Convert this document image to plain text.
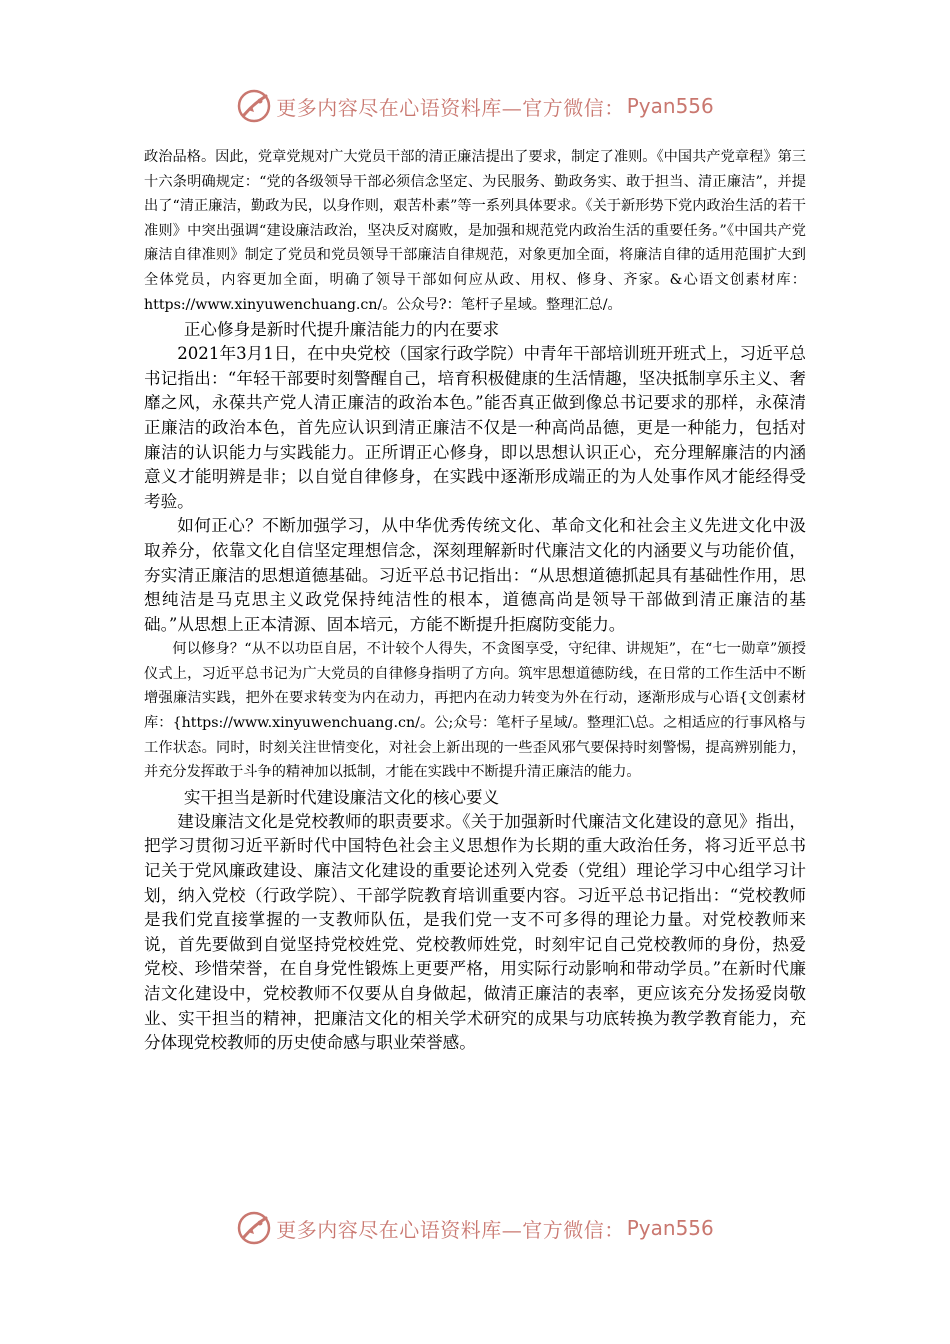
更多内容尽在心语资料库—官方微信： Pyan556

政治品格。因此，党章党规对广大党员干部的清正廉洁提出了要求，制定了准则。《中国共产党章程》第三十六条明确规定：“党的各级领导干部必须信念坚定、为民服务、勤政务实、敢于担当、清正廉洁”，并提出了“清正廉洁，勤政为民，以身作则，艰苦朴素”等一系列具体要求。《关于新形势下党内政治生活的若干准则》中突出强调“建设廉洁政治，坚决反对腐败，是加强和规范党内政治生活的重要任务。”《中国共产党廉洁自律准则》制定了党员和党员领导干部廉洁自律规范，对象更加全面，将廉洁自律的适用范围扩大到全体党员，内容更加全面，明确了领导干部如何应从政、用权、修身、齐家。&心语文创素材库：https://www.xinyuwenchuang.cn/。公众号?：笔杆子星域。整理汇总/。

正心修身是新时代提升廉洁能力的内在要求

2021年3月1日，在中央党校（国家行政学院）中青年干部培训班开班式上，习近平总书记指出：“年轻干部要时刻警醒自己，培育积极健康的生活情趣，坚决抵制享乐主义、奢靡之风，永葆共产党人清正廉洁的政治本色。”能否真正做到像总书记要求的那样，永葆清正廉洁的政治本色，首先应认识到清正廉洁不仅是一种高尚品德，更是一种能力，包括对廉洁的认识能力与实践能力。正所谓正心修身，即以思想认识正心，充分理解廉洁的内涵意义才能明辨是非；以自觉自律修身，在实践中逐渐形成端正的为人处事作风才能经得受考验。

如何正心？不断加强学习，从中华优秀传统文化、革命文化和社会主义先进文化中汲取养分，依靠文化自信坚定理想信念，深刻理解新时代廉洁文化的内涵要义与功能价值，夯实清正廉洁的思想道德基础。习近平总书记指出：“从思想道德抓起具有基础性作用，思想纯洁是马克思主义政党保持纯洁性的根本，道德高尚是领导干部做到清正廉洁的基础。”从思想上正本清源、固本培元，方能不断提升拒腐防变能力。

何以修身？“从不以功臣自居，不计较个人得失，不贪图享受，守纪律、讲规矩”，在“七一勋章”颁授仪式上，习近平总书记为广大党员的自律修身指明了方向。筑牢思想道德防线，在日常的工作生活中不断增强廉洁实践，把外在要求转变为内在动力，再把内在动力转变为外在行动，逐渐形成与心语{文创素材库：{https://www.xinyuwenchuang.cn/。公;众号：笔杆子星域/。整理汇\总。之相适应的行事风格与工作状态。同时，时刻关注世情变化，对社会上新出现的一些歪风邪气要保持时刻警惕，提高辨别能力，并充分发挥敢于斗争的精神加以抵制，才能在实践中不断提升清正廉洁的能力。

实干担当是新时代建设廉洁文化的核心要义

建设廉洁文化是党校教师的职责要求。《关于加强新时代廉洁文化建设的意见》指出，把学习贯彻习近平新时代中国特色社会主义思想作为长期的重大政治任务，将习近平总书记关于党风廉政建设、廉洁文化建设的重要论述列入党委（党组）理论学习中心组学习计划，纳入党校（行政学院）、干部学院教育培训重要内容。习近平总书记指出：“党校教师是我们党直接掌握的一支教师队伍，是我们党一支不可多得的理论力量。对党校教师来说，首先要做到自觉坚持党校姓党、党校教师姓党，时刻牢记自己党校教师的身份，热爱党校、珍惜荣誉，在自身党性锻炼上更要严格，用实际行动影响和带动学员。”在新时代廉洁文化建设中，党校教师不仅要从自身做起，做清正廉洁的表率，更应该充分发扬爱岗敬业、实干担当的精神，把廉洁文化的相关学术研究的成果与功底转换为教学教育能力，充分体现党校教师的历史使命感与职业荣誉感。

更多内容尽在心语资料库—官方微信： Pyan556
